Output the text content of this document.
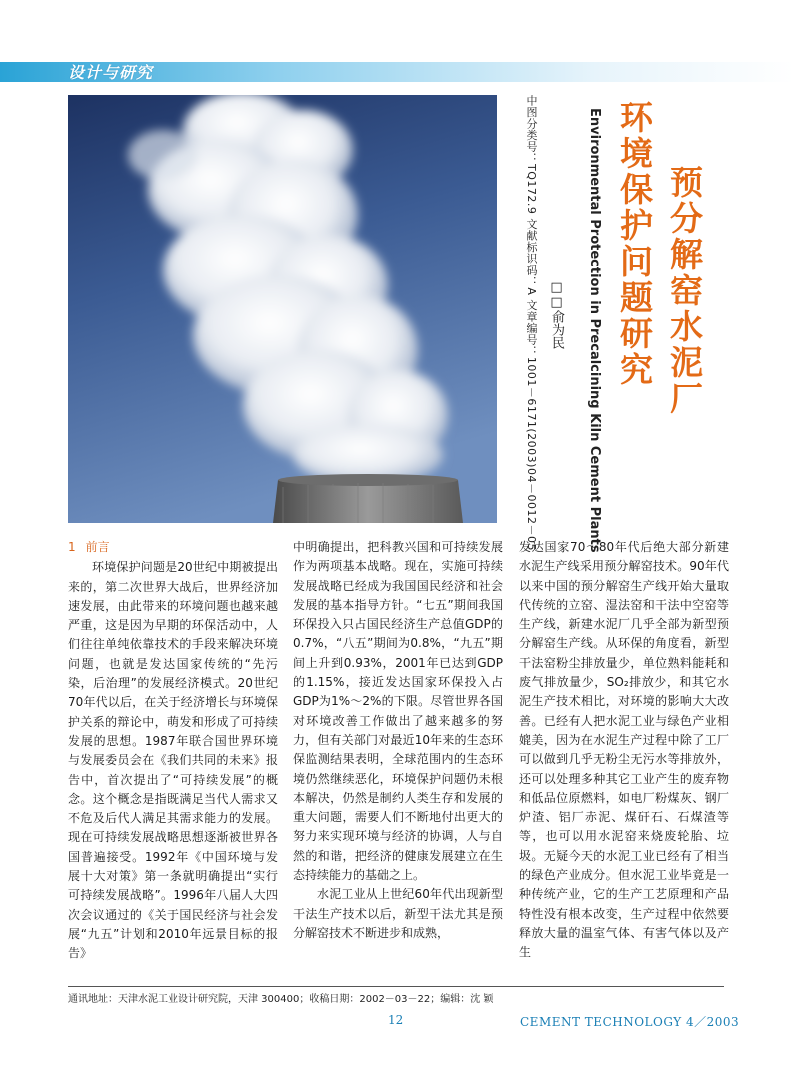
设计与研究
预分解窑水泥厂
环境保护问题研究
Environmental Protection in Precalcining Kiln Cement Plants
□□俞为民
中图分类号：TQ172.9 文献标识码：A 文章编号：1001－6171(2003)04－0012－05

1 前言

环境保护问题是20世纪中期被提出来的，第二次世界大战后，世界经济加速发展，由此带来的环境问题也越来越严重，这是因为早期的环保活动中，人们往往单纯依靠技术的手段来解决环境问题，也就是发达国家传统的“先污染，后治理”的发展经济模式。20世纪70年代以后，在关于经济增长与环境保护关系的辩论中，萌发和形成了可持续发展的思想。1987年联合国世界环境与发展委员会在《我们共同的未来》报告中，首次提出了“可持续发展”的概念。这个概念是指既满足当代人需求又不危及后代人满足其需求能力的发展。现在可持续发展战略思想逐渐被世界各国普遍接受。1992年《中国环境与发展十大对策》第一条就明确提出“实行可持续发展战略”。1996年八届人大四次会议通过的《关于国民经济与社会发展“九五”计划和2010年远景目标的报告》

中明确提出，把科教兴国和可持续发展作为两项基本战略。现在，实施可持续发展战略已经成为我国国民经济和社会发展的基本指导方针。“七五”期间我国环保投入只占国民经济生产总值GDP的0.7%，“八五”期间为0.8%，“九五”期间上升到0.93%，2001年已达到GDP的1.15%，接近发达国家环保投入占GDP为1%～2%的下限。尽管世界各国对环境改善工作做出了越来越多的努力，但有关部门对最近10年来的生态环保监测结果表明，全球范围内的生态环境仍然继续恶化，环境保护问题仍未根本解决，仍然是制约人类生存和发展的重大问题，需要人们不断地付出更大的努力来实现环境与经济的协调，人与自然的和谐，把经济的健康发展建立在生态持续能力的基础之上。

水泥工业从上世纪60年代出现新型干法生产技术以后，新型干法尤其是预分解窑技术不断进步和成熟，

发达国家70～80年代后绝大部分新建水泥生产线采用预分解窑技术。90年代以来中国的预分解窑生产线开始大量取代传统的立窑、湿法窑和干法中空窑等生产线，新建水泥厂几乎全部为新型预分解窑生产线。从环保的角度看，新型干法窑粉尘排放量少，单位熟料能耗和废气排放量少，SO₂排放少，和其它水泥生产技术相比，对环境的影响大大改善。已经有人把水泥工业与绿色产业相媲美，因为在水泥生产过程中除了工厂可以做到几乎无粉尘无污水等排放外，还可以处理多种其它工业产生的废弃物和低品位原燃料，如电厂粉煤灰、钢厂炉渣、铝厂赤泥、煤矸石、石煤渣等等，也可以用水泥窑来烧废轮胎、垃圾。无疑今天的水泥工业已经有了相当的绿色产业成分。但水泥工业毕竟是一种传统产业，它的生产工艺原理和产品特性没有根本改变，生产过程中依然要释放大量的温室气体、有害气体以及产生

通讯地址：天津水泥工业设计研究院，天津 300400；收稿日期：2002－03－22；编辑：沈 颖
12	CEMENT TECHNOLOGY 4／2003
